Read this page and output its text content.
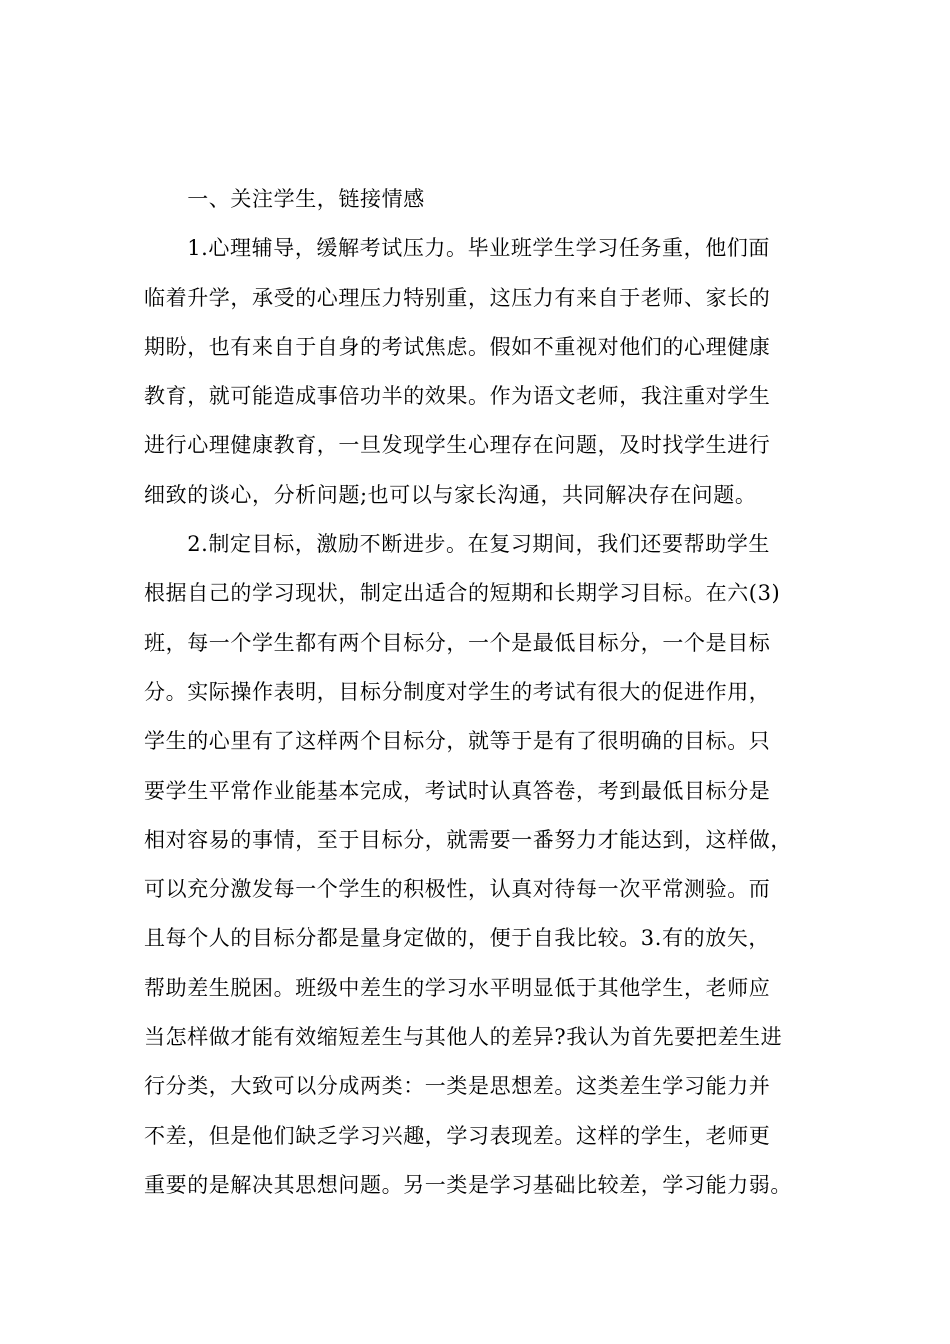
　　一、关注学生，链接情感
　　1.心理辅导，缓解考试压力。毕业班学生学习任务重，他们面
临着升学，承受的心理压力特别重，这压力有来自于老师、家长的
期盼，也有来自于自身的考试焦虑。假如不重视对他们的心理健康
教育，就可能造成事倍功半的效果。作为语文老师，我注重对学生
进行心理健康教育，一旦发现学生心理存在问题，及时找学生进行
细致的谈心，分析问题;也可以与家长沟通，共同解决存在问题。
　　2.制定目标，激励不断进步。在复习期间，我们还要帮助学生
根据自己的学习现状，制定出适合的短期和长期学习目标。在六(3)
班，每一个学生都有两个目标分，一个是最低目标分，一个是目标
分。实际操作表明，目标分制度对学生的考试有很大的促进作用，
学生的心里有了这样两个目标分，就等于是有了很明确的目标。只
要学生平常作业能基本完成，考试时认真答卷，考到最低目标分是
相对容易的事情，至于目标分，就需要一番努力才能达到，这样做，
可以充分激发每一个学生的积极性，认真对待每一次平常测验。而
且每个人的目标分都是量身定做的，便于自我比较。3.有的放矢，
帮助差生脱困。班级中差生的学习水平明显低于其他学生，老师应
当怎样做才能有效缩短差生与其他人的差异?我认为首先要把差生进
行分类，大致可以分成两类：一类是思想差。这类差生学习能力并
不差，但是他们缺乏学习兴趣，学习表现差。这样的学生，老师更
重要的是解决其思想问题。另一类是学习基础比较差，学习能力弱。
